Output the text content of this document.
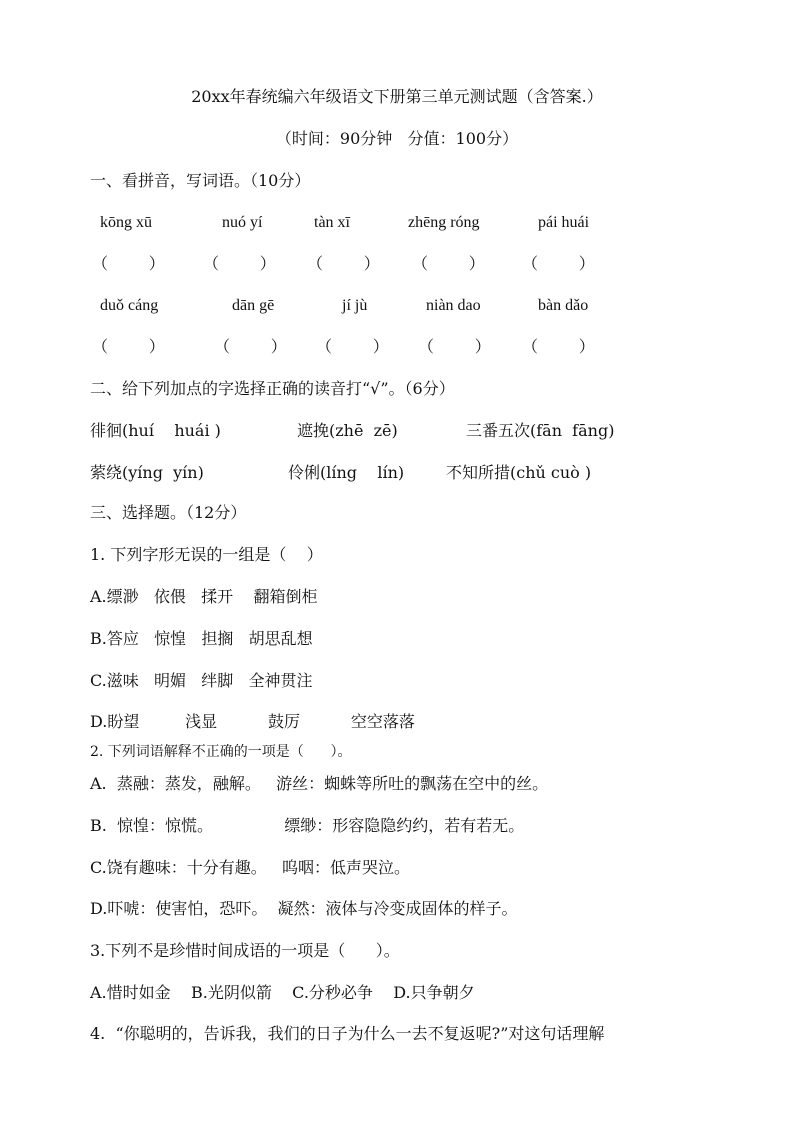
20xx年春统编六年级语文下册第三单元测试题（含答案.）
（时间：90分钟   分值：100分）
一、看拼音，写词语。（10分）
kōng xū	nuó yí	tàn xī	zhēng róng	pái huái
（        ） （        ） （        ） （        ） （        ）
duǒ cáng	dān gē	jí jù	niàn dao	bàn dǎo
（        ）	（        ） （        ） （        ） （        ）
二、给下列加点的字选择正确的读音打“√”。（6分）
徘徊(huí    huái )	遮挽(zhē  zē)	三番五次(fān  fāng)
萦绕(yíng  yín)	伶俐(líng    lín)	不知所措(chǔ cuò )
三、选择题。（12分）
1. 下列字形无误的一组是（    ）
A.缥渺   依偎   揉开    翻箱倒柜
B.答应   惊惶   担搁   胡思乱想
C.滋味   明媚   绊脚   全神贯注
D.盼望         浅显          鼓厉          空空落落
2. 下列词语解释不正确的一项是（      ）。
A.  蒸融：蒸发，融解。   游丝：蜘蛛等所吐的飘荡在空中的丝。
B.  惊惶：惊慌。              缥缈：形容隐隐约约，若有若无。
C.饶有趣味：十分有趣。   呜咽：低声哭泣。
D.吓唬：使害怕，恐吓。  凝然：液体与冷变成固体的样子。
3.下列不是珍惜时间成语的一项是（      ）。
A.惜时如金    B.光阴似箭    C.分秒必争    D.只争朝夕
4.  “你聪明的，告诉我，我们的日子为什么一去不复返呢?”对这句话理解
